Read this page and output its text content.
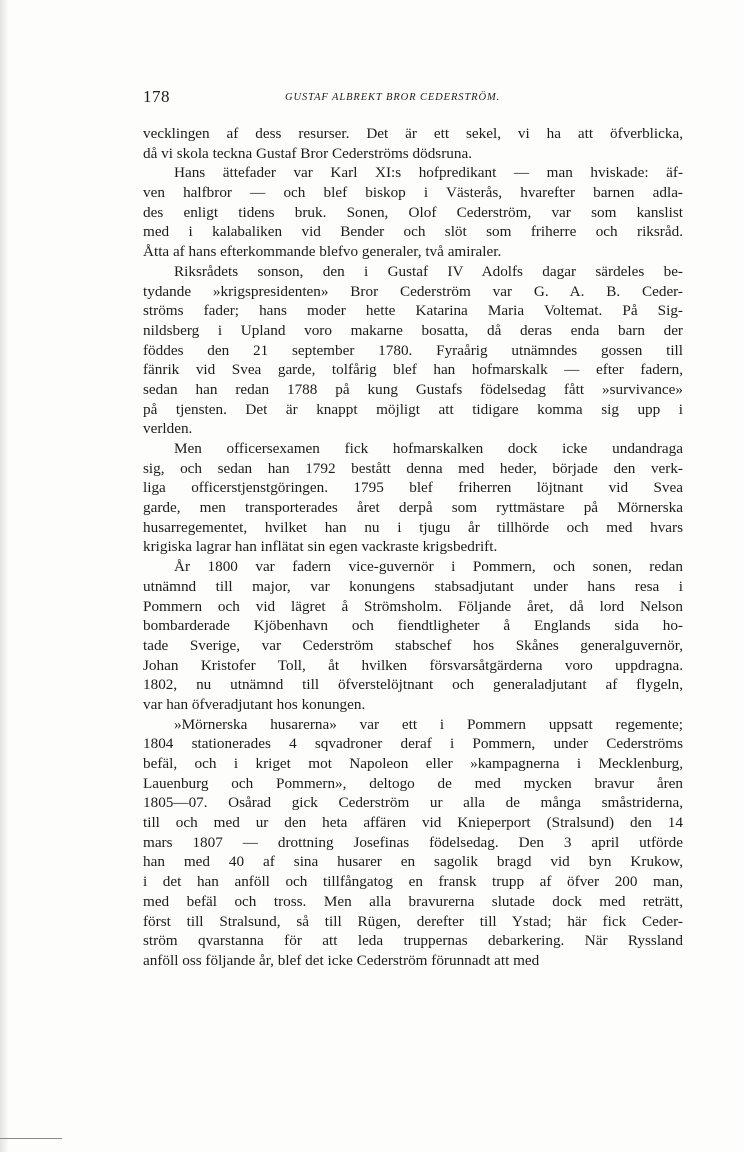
178	GUSTAF ALBREKT BROR CEDERSTRÖM.
vecklingen af dess resurser. Det är ett sekel, vi ha att öfverblicka,
då vi skola teckna Gustaf Bror Cederströms dödsruna.
Hans ättefader var Karl XI:s hofpredikant — man hviskade: äf-
ven halfbror — och blef biskop i Västerås, hvarefter barnen adla-
des enligt tidens bruk. Sonen, Olof Cederström, var som kanslist
med i kalabaliken vid Bender och slöt som friherre och riksråd.
Åtta af hans efterkommande blefvo generaler, två amiraler.
Riksrådets sonson, den i Gustaf IV Adolfs dagar särdeles be-
tydande »krigspresidenten» Bror Cederström var G. A. B. Ceder-
ströms fader; hans moder hette Katarina Maria Voltemat. På Sig-
nildsberg i Upland voro makarne bosatta, då deras enda barn der
föddes den 21 september 1780. Fyraårig utnämndes gossen till
fänrik vid Svea garde, tolfårig blef han hofmarskalk — efter fadern,
sedan han redan 1788 på kung Gustafs födelsedag fått »survivance»
på tjensten. Det är knappt möjligt att tidigare komma sig upp i
verlden.
Men officersexamen fick hofmarskalken dock icke undandraga
sig, och sedan han 1792 bestått denna med heder, började den verk-
liga officerstjenstgöringen. 1795 blef friherren löjtnant vid Svea
garde, men transporterades året derpå som ryttmästare på Mörnerska
husarregementet, hvilket han nu i tjugu år tillhörde och med hvars
krigiska lagrar han inflätat sin egen vackraste krigsbedrift.
År 1800 var fadern vice-guvernör i Pommern, och sonen, redan
utnämnd till major, var konungens stabsadjutant under hans resa i
Pommern och vid lägret å Strömsholm. Följande året, då lord Nelson
bombarderade Kjöbenhavn och fiendtligheter å Englands sida ho-
tade Sverige, var Cederström stabschef hos Skånes generalguvernör,
Johan Kristofer Toll, åt hvilken försvarsåtgärderna voro uppdragna.
1802, nu utnämnd till öfverstelöjtnant och generaladjutant af flygeln,
var han öfveradjutant hos konungen.
»Mörnerska husarerna» var ett i Pommern uppsatt regemente;
1804 stationerades 4 sqvadroner deraf i Pommern, under Cederströms
befäl, och i kriget mot Napoleon eller »kampagnerna i Mecklenburg,
Lauenburg och Pommern», deltogo de med mycken bravur åren
1805—07. Osårad gick Cederström ur alla de många småstriderna,
till och med ur den heta affären vid Knieperport (Stralsund) den 14
mars 1807 — drottning Josefinas födelsedag. Den 3 april utförde
han med 40 af sina husarer en sagolik bragd vid byn Krukow,
i det han anföll och tillfångatog en fransk trupp af öfver 200 man,
med befäl och tross. Men alla bravurerna slutade dock med reträtt,
först till Stralsund, så till Rügen, derefter till Ystad; här fick Ceder-
ström qvarstanna för att leda truppernas debarkering. När Ryssland
anföll oss följande år, blef det icke Cederström förunnadt att med
